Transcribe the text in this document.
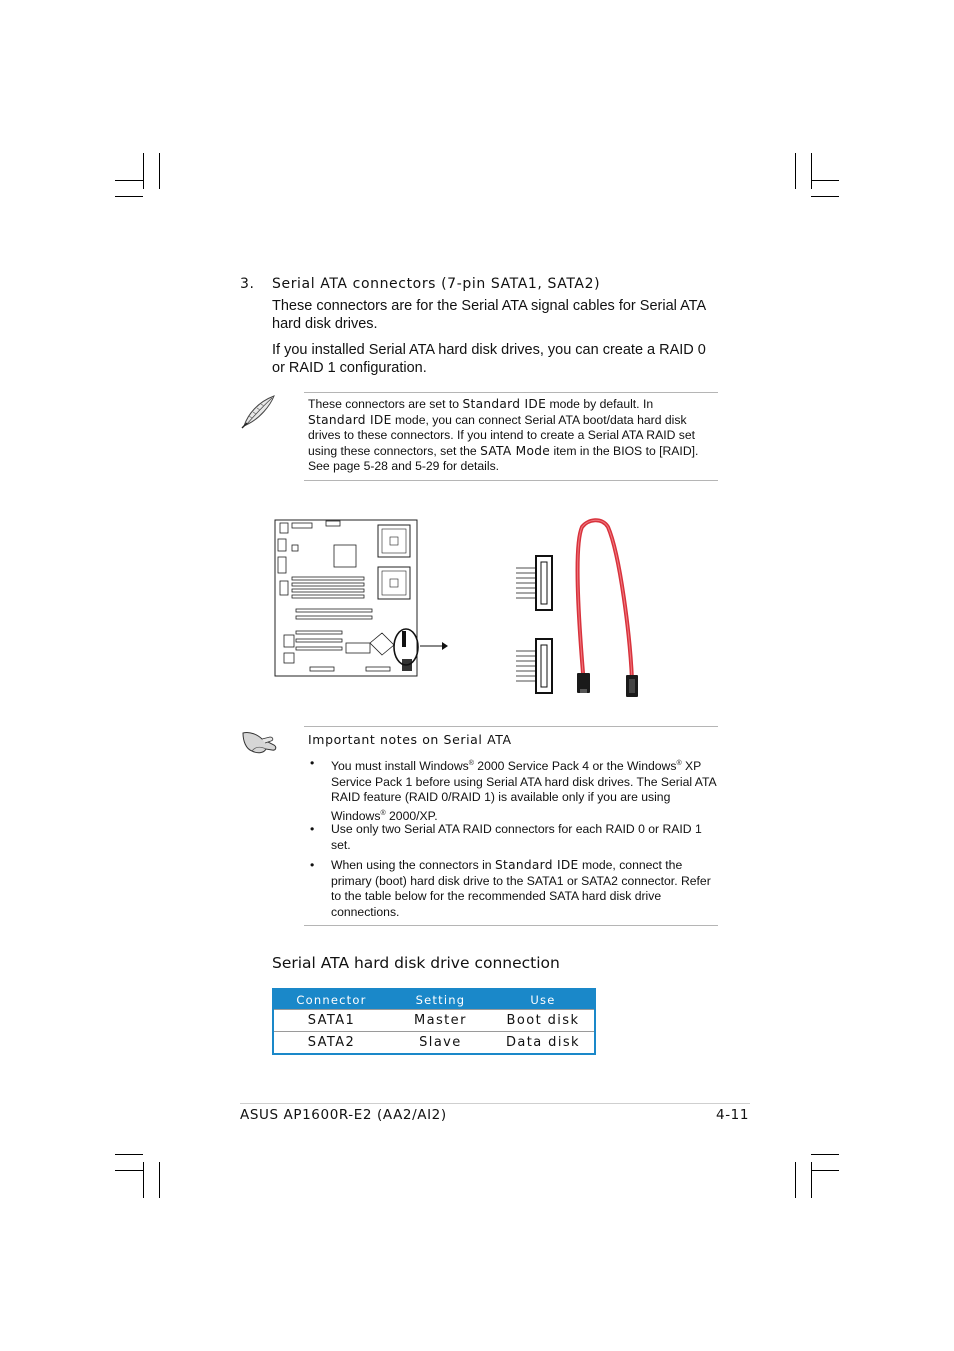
3. Serial ATA connectors (7-pin SATA1, SATA2)
These connectors are for the Serial ATA signal cables for Serial ATA hard disk drives.
If you installed Serial ATA hard disk drives, you can create a RAID 0 or RAID 1 configuration.
These connectors are set to Standard IDE mode by default. In
Standard IDE mode, you can connect Serial ATA boot/data hard disk drives to these connectors. If you intend to create a Serial ATA RAID set using these connectors, set the SATA Mode item in the BIOS to [RAID]. See page 5-28 and 5-29 for details.
Important notes on Serial ATA
• You must install Windows® 2000 Service Pack 4 or the Windows® XP Service Pack 1 before using Serial ATA hard disk drives. The Serial ATA RAID feature (RAID 0/RAID 1) is available only if you are using Windows® 2000/XP.
• Use only two Serial ATA RAID connectors for each RAID 0 or RAID 1 set.
• When using the connectors in Standard IDE mode, connect the primary (boot) hard disk drive to the SATA1 or SATA2 connector. Refer to the table below for the recommended SATA hard disk drive connections.
Serial ATA hard disk drive connection
Connector	Setting	Use
SATA1	Master	Boot disk
SATA2	Slave	Data disk
ASUS AP1600R-E2 (AA2/AI2)	4-11
